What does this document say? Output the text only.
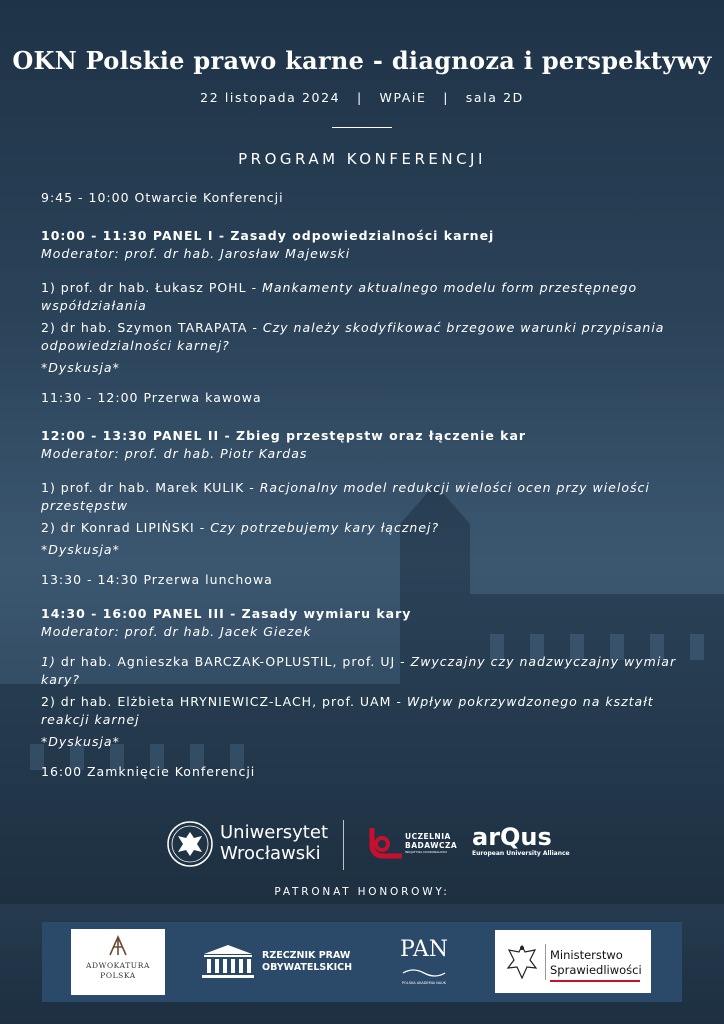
OKN Polskie prawo karne - diagnoza i perspektywy
22 listopada 2024 | WPAiE | sala 2D
PROGRAM KONFERENCJI

9:45 - 10:00 Otwarcie Konferencji

10:00 - 11:30 PANEL I - Zasady odpowiedzialności karnej

Moderator: prof. dr hab. Jarosław Majewski

1) prof. dr hab. Łukasz POHL - Mankamenty aktualnego modelu form przestępnego współdziałania

2) dr hab. Szymon TARAPATA - Czy należy skodyfikować brzegowe warunki przypisania odpowiedzialności karnej?

*Dyskusja*

11:30 - 12:00 Przerwa kawowa

12:00 - 13:30 PANEL II - Zbieg przestępstw oraz łączenie kar

Moderator: prof. dr hab. Piotr Kardas

1) prof. dr hab. Marek KULIK - Racjonalny model redukcji wielości ocen przy wielości przestępstw

2) dr Konrad LIPIŃSKI - Czy potrzebujemy kary łącznej?

*Dyskusja*

13:30 - 14:30 Przerwa lunchowa

14:30 - 16:00 PANEL III - Zasady wymiaru kary

Moderator: prof. dr hab. Jacek Giezek

1) dr hab. Agnieszka BARCZAK-OPLUSTIL, prof. UJ - Zwyczajny czy nadzwyczajny wymiar kary?

2) dr hab. Elżbieta HRYNIEWICZ-LACH, prof. UAM - Wpływ pokrzywdzonego na kształt reakcji karnej

*Dyskusja*

16:00 Zamknięcie Konferencji

Uniwersytet
Wrocławski
UCZELNIA
BADAWCZA
INICJATYWA DOSKONAŁOŚCI
arQus
European University Alliance
PATRONAT HONOROWY:
ADWOKATURA
POLSKA
RZECZNIK PRAW
OBYWATELSKICH
PAN
POLSKA AKADEMIA NAUK
Ministerstwo
Sprawiedliwości
